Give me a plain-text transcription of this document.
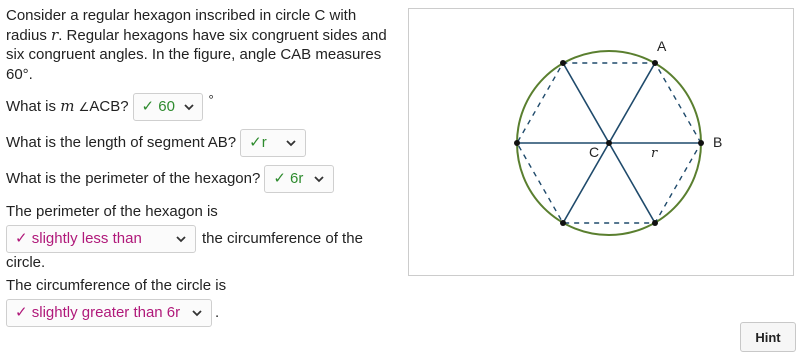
Consider a regular hexagon inscribed in circle C with radius r. Regular hexagons have six congruent sides and six congruent angles. In the figure, angle CAB measures 60°.
What is m ∠ACB? ✓ 60	°
What is the length of segment AB? ✓r
What is the perimeter of the hexagon? ✓ 6r
The perimeter of the hexagon is
✓ slightly less than	the circumference of the
circle.
The circumference of the circle is
✓ slightly greater than 6r .
A
B
C	r
Hint
